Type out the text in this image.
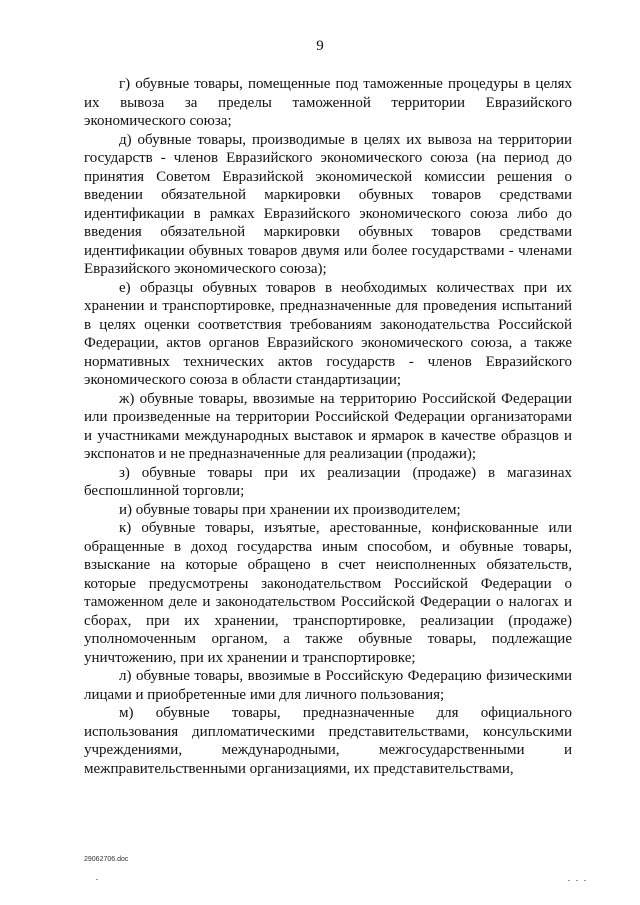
9

г) обувные товары, помещенные под таможенные процедуры в целях их вывоза за пределы таможенной территории Евразийского экономического союза;

д) обувные товары, производимые в целях их вывоза на территории государств - членов Евразийского экономического союза (на период до принятия Советом Евразийской экономической комиссии решения о введении обязательной маркировки обувных товаров средствами идентификации в рамках Евразийского экономического союза либо до введения обязательной маркировки обувных товаров средствами идентификации обувных товаров двумя или более государствами - членами Евразийского экономического союза);

е) образцы обувных товаров в необходимых количествах при их хранении и транспортировке, предназначенные для проведения испытаний в целях оценки соответствия требованиям законодательства Российской Федерации, актов органов Евразийского экономического союза, а также нормативных технических актов государств - членов Евразийского экономического союза в области стандартизации;

ж) обувные товары, ввозимые на территорию Российской Федерации или произведенные на территории Российской Федерации организаторами и участниками международных выставок и ярмарок в качестве образцов и экспонатов и не предназначенные для реализации (продажи);

з) обувные товары при их реализации (продаже) в магазинах беспошлинной торговли;

и) обувные товары при хранении их производителем;

к) обувные товары, изъятые, арестованные, конфискованные или обращенные в доход государства иным способом, и обувные товары, взыскание на которые обращено в счет неисполненных обязательств, которые предусмотрены законодательством Российской Федерации о таможенном деле и законодательством Российской Федерации о налогах и сборах, при их хранении, транспортировке, реализации (продаже) уполномоченным органом, а также обувные товары, подлежащие уничтожению, при их хранении и транспортировке;

л) обувные товары, ввозимые в Российскую Федерацию физическими лицами и приобретенные ими для личного пользования;

м) обувные товары, предназначенные для официального использования дипломатическими представительствами, консульскими учреждениями, международными, межгосударственными и межправительственными организациями, их представительствами,

29062706.doc
